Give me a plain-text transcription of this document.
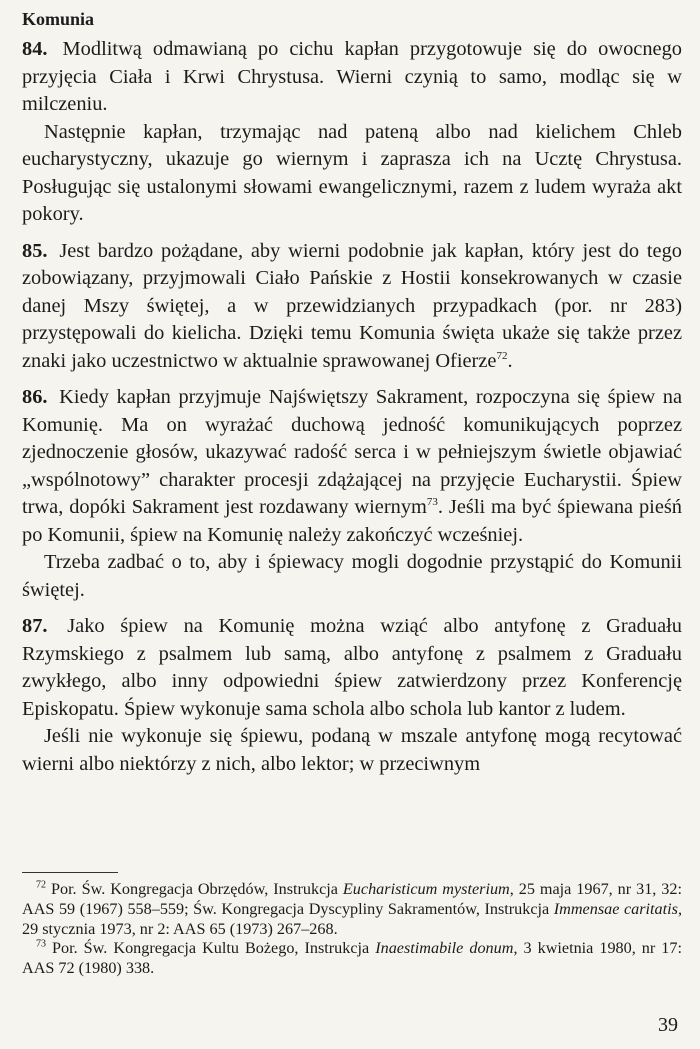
Komunia

84. Modlitwą odmawianą po cichu kapłan przygotowuje się do owocnego przyjęcia Ciała i Krwi Chrystusa. Wierni czynią to samo, modląc się w milczeniu.

Następnie kapłan, trzymając nad pateną albo nad kielichem Chleb eucharystyczny, ukazuje go wiernym i zaprasza ich na Ucztę Chrystusa. Posługując się ustalonymi słowami ewangelicznymi, razem z ludem wyraża akt pokory.

85. Jest bardzo pożądane, aby wierni podobnie jak kapłan, który jest do tego zobowiązany, przyjmowali Ciało Pańskie z Hostii konsekrowanych w czasie danej Mszy świętej, a w przewidzianych przypadkach (por. nr 283) przystępowali do kielicha. Dzięki temu Komunia święta ukaże się także przez znaki jako uczestnictwo w aktualnie sprawowanej Ofierze$^{72}$.

86. Kiedy kapłan przyjmuje Najświętszy Sakrament, rozpoczyna się śpiew na Komunię. Ma on wyrażać duchową jedność komunikujących poprzez zjednoczenie głosów, ukazywać radość serca i w pełniejszym świetle objawiać „wspólnotowy” charakter procesji zdążającej na przyjęcie Eucharystii. Śpiew trwa, dopóki Sakrament jest rozdawany wiernym$^{73}$. Jeśli ma być śpiewana pieśń po Komunii, śpiew na Komunię należy zakończyć wcześniej.

Trzeba zadbać o to, aby i śpiewacy mogli dogodnie przystąpić do Komunii świętej.

87. Jako śpiew na Komunię można wziąć albo antyfonę z Graduału Rzymskiego z psalmem lub samą, albo antyfonę z psalmem z Graduału zwykłego, albo inny odpowiedni śpiew zatwierdzony przez Konferencję Episkopatu. Śpiew wykonuje sama schola albo schola lub kantor z ludem.

Jeśli nie wykonuje się śpiewu, podaną w mszale antyfonę mogą recytować wierni albo niektórzy z nich, albo lektor; w przeciwnym

$^{72}$ Por. Św. Kongregacja Obrzędów, Instrukcja Eucharisticum mysterium, 25 maja 1967, nr 31, 32: AAS 59 (1967) 558–559; Św. Kongregacja Dyscypliny Sakramentów, Instrukcja Immensae caritatis, 29 stycznia 1973, nr 2: AAS 65 (1973) 267–268.

$^{73}$ Por. Św. Kongregacja Kultu Bożego, Instrukcja Inaestimabile donum, 3 kwietnia 1980, nr 17: AAS 72 (1980) 338.

39
